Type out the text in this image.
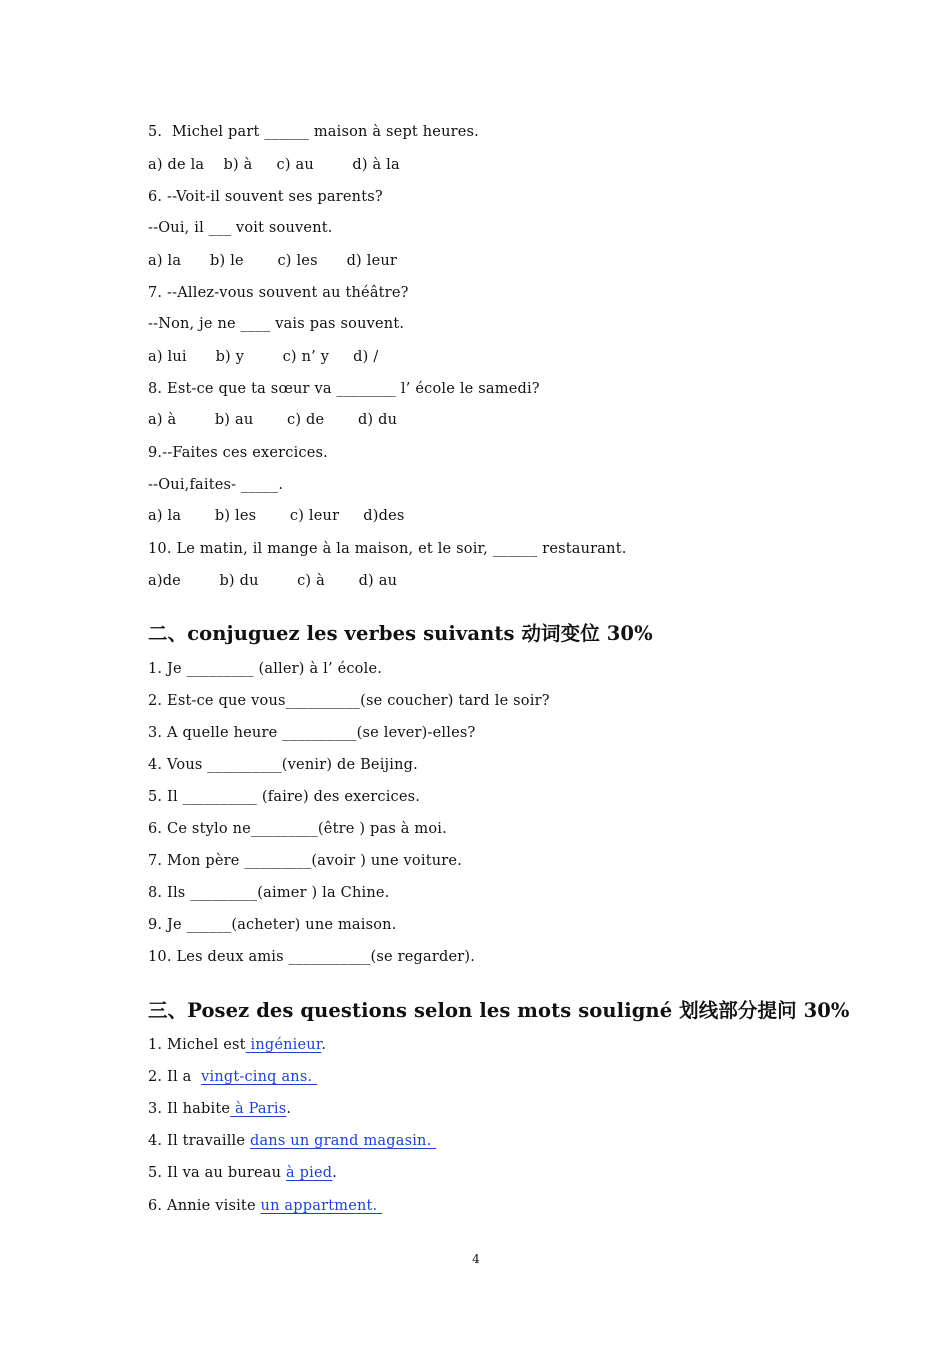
5.  Michel part ______ maison à sept heures.
a) de la    b) à     c) au        d) à la
6. --Voit-il souvent ses parents?
--Oui, il ___ voit souvent.
a) la      b) le       c) les      d) leur
7. --Allez-vous souvent au théâtre?
--Non, je ne ____ vais pas souvent.
a) lui      b) y        c) n’ y     d) /
8. Est-ce que ta sœur va ________ l’ école le samedi?
a) à        b) au       c) de       d) du
9.--Faites ces exercices.
--Oui,faites- _____.
a) la       b) les       c) leur     d)des
10. Le matin, il mange à la maison, et le soir, ______ restaurant.
a)de        b) du        c) à       d) au
二、conjuguez les verbes suivants 动词变位 30%
1. Je _________ (aller) à l’ école.
2. Est-ce que vous__________(se coucher) tard le soir?
3. A quelle heure __________(se lever)-elles?
4. Vous __________(venir) de Beijing.
5. Il __________ (faire) des exercices.
6. Ce stylo ne_________(être ) pas à moi.
7. Mon père _________(avoir ) une voiture.
8. Ils _________(aimer ) la Chine.
9. Je ______(acheter) une maison.
10. Les deux amis ___________(se regarder).
三、Posez des questions selon les mots souligné 划线部分提问 30%
1. Michel est ingénieur.
2. Il a  vingt-cinq ans.
3. Il habite à Paris.
4. Il travaille dans un grand magasin.
5. Il va au bureau à pied.
6. Annie visite un appartment.
4
